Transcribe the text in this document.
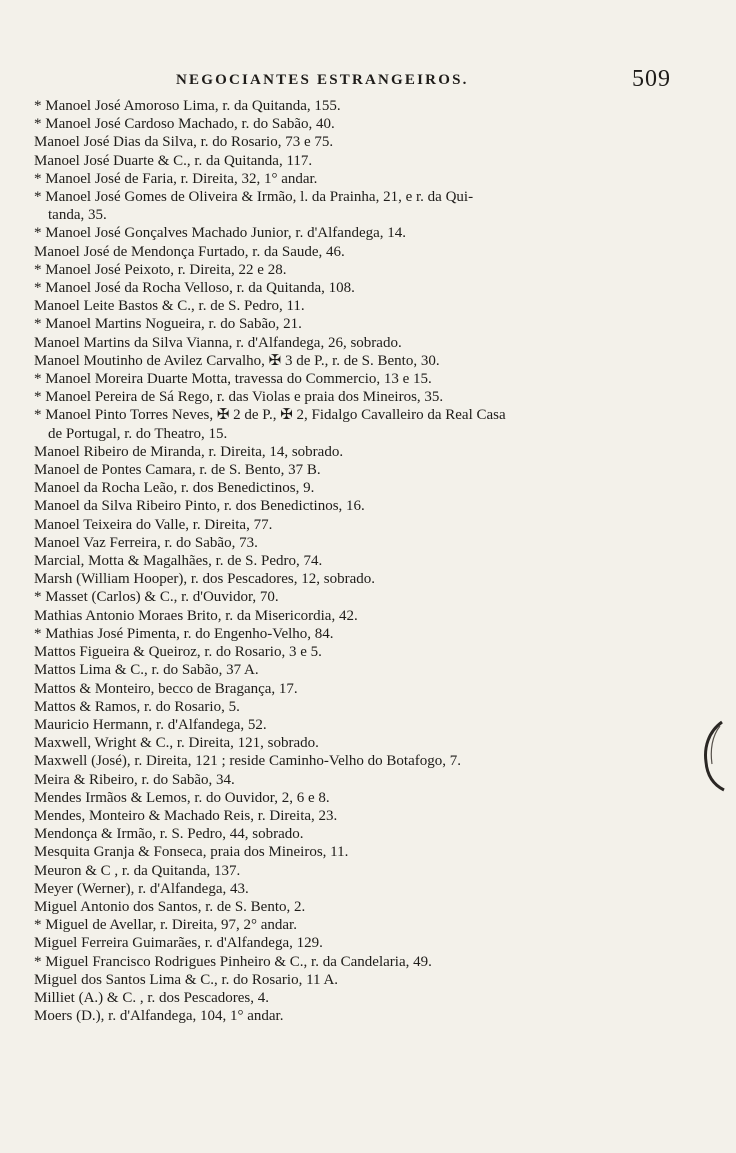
NEGOCIANTES ESTRANGEIROS.	509
* Manoel José Amoroso Lima, r. da Quitanda, 155.
* Manoel José Cardoso Machado, r. do Sabão, 40.
Manoel José Dias da Silva, r. do Rosario, 73 e 75.
Manoel José Duarte & C., r. da Quitanda, 117.
* Manoel José de Faria, r. Direita, 32, 1° andar.
* Manoel José Gomes de Oliveira & Irmão, l. da Prainha, 21, e r. da Qui-
tanda, 35.
* Manoel José Gonçalves Machado Junior, r. d'Alfandega, 14.
Manoel José de Mendonça Furtado, r. da Saude, 46.
* Manoel José Peixoto, r. Direita, 22 e 28.
* Manoel José da Rocha Velloso, r. da Quitanda, 108.
Manoel Leite Bastos & C., r. de S. Pedro, 11.
* Manoel Martins Nogueira, r. do Sabão, 21.
Manoel Martins da Silva Vianna, r. d'Alfandega, 26, sobrado.
Manoel Moutinho de Avilez Carvalho, ✠ 3 de P., r. de S. Bento, 30.
* Manoel Moreira Duarte Motta, travessa do Commercio, 13 e 15.
* Manoel Pereira de Sá Rego, r. das Violas e praia dos Mineiros, 35.
* Manoel Pinto Torres Neves, ✠ 2 de P., ✠ 2, Fidalgo Cavalleiro da Real Casa
de Portugal, r. do Theatro, 15.
Manoel Ribeiro de Miranda, r. Direita, 14, sobrado.
Manoel de Pontes Camara, r. de S. Bento, 37 B.
Manoel da Rocha Leão, r. dos Benedictinos, 9.
Manoel da Silva Ribeiro Pinto, r. dos Benedictinos, 16.
Manoel Teixeira do Valle, r. Direita, 77.
Manoel Vaz Ferreira, r. do Sabão, 73.
Marcial, Motta & Magalhães, r. de S. Pedro, 74.
Marsh (William Hooper), r. dos Pescadores, 12, sobrado.
* Masset (Carlos) & C., r. d'Ouvidor, 70.
Mathias Antonio Moraes Brito, r. da Misericordia, 42.
* Mathias José Pimenta, r. do Engenho-Velho, 84.
Mattos Figueira & Queiroz, r. do Rosario, 3 e 5.
Mattos Lima & C., r. do Sabão, 37 A.
Mattos & Monteiro, becco de Bragança, 17.
Mattos & Ramos, r. do Rosario, 5.
Mauricio Hermann, r. d'Alfandega, 52.
Maxwell, Wright & C., r. Direita, 121, sobrado.
Maxwell (José), r. Direita, 121 ; reside Caminho-Velho do Botafogo, 7.
Meira & Ribeiro, r. do Sabão, 34.
Mendes Irmãos & Lemos, r. do Ouvidor, 2, 6 e 8.
Mendes, Monteiro & Machado Reis, r. Direita, 23.
Mendonça & Irmão, r. S. Pedro, 44, sobrado.
Mesquita Granja & Fonseca, praia dos Mineiros, 11.
Meuron & C , r. da Quitanda, 137.
Meyer (Werner), r. d'Alfandega, 43.
Miguel Antonio dos Santos, r. de S. Bento, 2.
* Miguel de Avellar, r. Direita, 97, 2° andar.
Miguel Ferreira Guimarães, r. d'Alfandega, 129.
* Miguel Francisco Rodrigues Pinheiro & C., r. da Candelaria, 49.
Miguel dos Santos Lima & C., r. do Rosario, 11 A.
Milliet (A.) & C. , r. dos Pescadores, 4.
Moers (D.), r. d'Alfandega, 104, 1° andar.
